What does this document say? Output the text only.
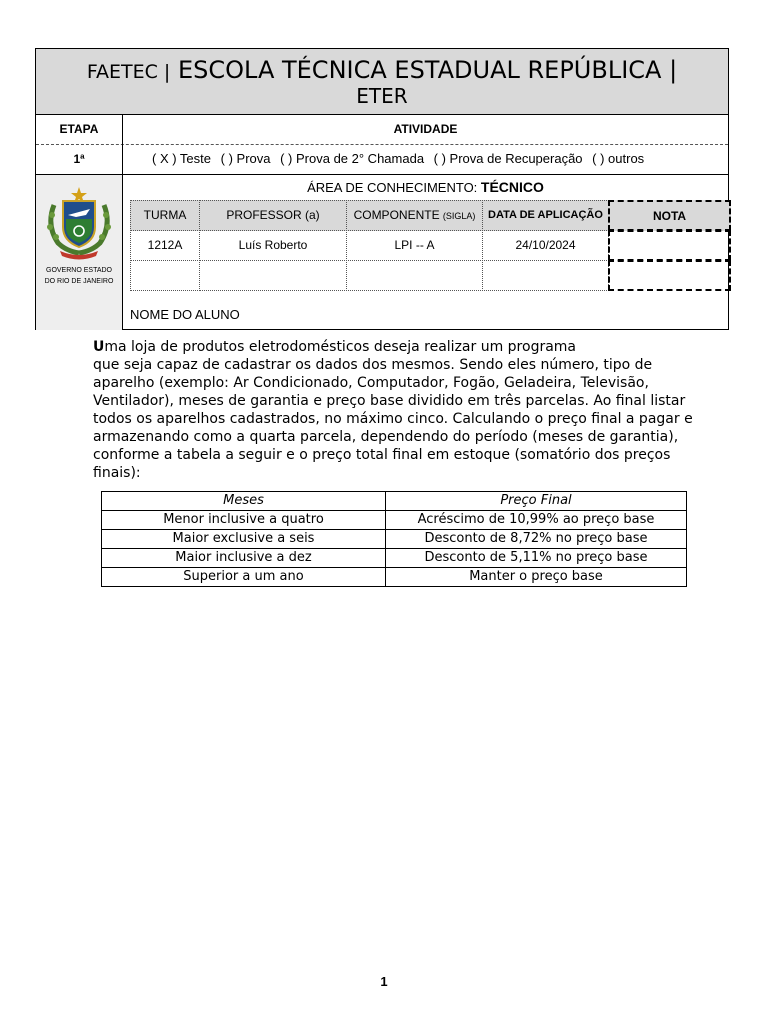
FAETEC | ESCOLA TÉCNICA ESTADUAL REPÚBLICA |
ETER
ETAPA	ATIVIDADE
1ª	( X ) Teste ( ) Prova ( ) Prova de 2° Chamada ( ) Prova de Recuperação ( ) outros
GOVERNO ESTADO
DO RIO DE JANEIRO
ÁREA DE CONHECIMENTO: TÉCNICO
TURMA	PROFESSOR (a)	COMPONENTE (SIGLA)	DATA DE APLICAÇÃO	NOTA
1212A	Luís Roberto	LPI -- A	24/10/2024
NOME DO ALUNO
Uma loja de produtos eletrodomésticos deseja realizar um programa
que seja capaz de cadastrar os dados dos mesmos. Sendo eles número, tipo de aparelho (exemplo: Ar Condicionado, Computador, Fogão, Geladeira, Televisão, Ventilador), meses de garantia e preço base dividido em três parcelas. Ao final listar todos os aparelhos cadastrados, no máximo cinco. Calculando o preço final a pagar e armazenando como a quarta parcela, dependendo do período (meses de garantia), conforme a tabela a seguir e o preço total final em estoque (somatório dos preços finais):
Meses	Preço Final
Menor inclusive a quatro	Acréscimo de 10,99% ao preço base
Maior exclusive a seis	Desconto de 8,72% no preço base
Maior inclusive a dez	Desconto de 5,11% no preço base
Superior a um ano	Manter o preço base
1
